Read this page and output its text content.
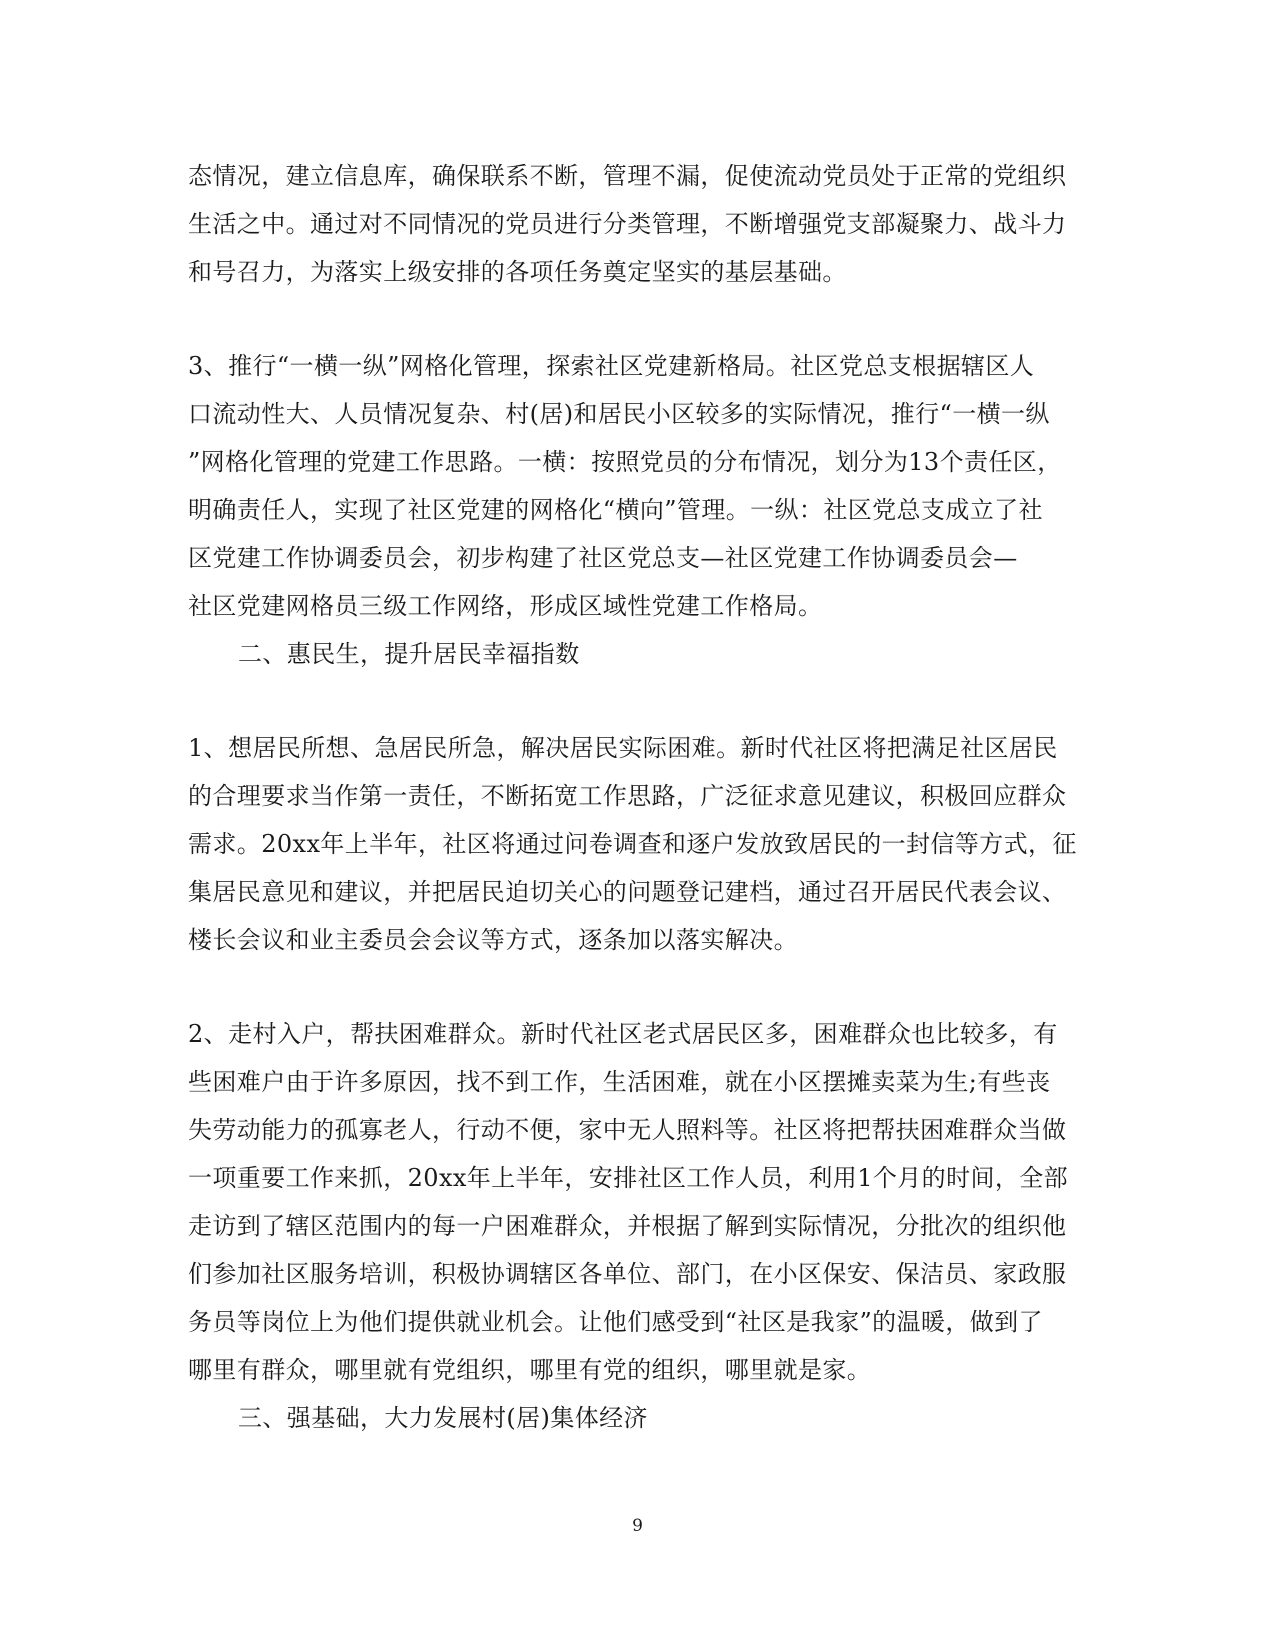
态情况，建立信息库，确保联系不断，管理不漏，促使流动党员处于正常的党组织
生活之中。通过对不同情况的党员进行分类管理，不断增强党支部凝聚力、战斗力
和号召力，为落实上级安排的各项任务奠定坚实的基层基础。
3、推行“一横一纵”网格化管理，探索社区党建新格局。社区党总支根据辖区人
口流动性大、人员情况复杂、村(居)和居民小区较多的实际情况，推行“一横一纵
”网格化管理的党建工作思路。一横：按照党员的分布情况，划分为13个责任区，
明确责任人，实现了社区党建的网格化“横向”管理。一纵：社区党总支成立了社
区党建工作协调委员会，初步构建了社区党总支—社区党建工作协调委员会—
社区党建网格员三级工作网络，形成区域性党建工作格局。
二、惠民生，提升居民幸福指数
1、想居民所想、急居民所急，解决居民实际困难。新时代社区将把满足社区居民
的合理要求当作第一责任，不断拓宽工作思路，广泛征求意见建议，积极回应群众
需求。20xx年上半年，社区将通过问卷调查和逐户发放致居民的一封信等方式，征
集居民意见和建议，并把居民迫切关心的问题登记建档，通过召开居民代表会议、
楼长会议和业主委员会会议等方式，逐条加以落实解决。
2、走村入户，帮扶困难群众。新时代社区老式居民区多，困难群众也比较多，有
些困难户由于许多原因，找不到工作，生活困难，就在小区摆摊卖菜为生;有些丧
失劳动能力的孤寡老人，行动不便，家中无人照料等。社区将把帮扶困难群众当做
一项重要工作来抓，20xx年上半年，安排社区工作人员，利用1个月的时间，全部
走访到了辖区范围内的每一户困难群众，并根据了解到实际情况，分批次的组织他
们参加社区服务培训，积极协调辖区各单位、部门，在小区保安、保洁员、家政服
务员等岗位上为他们提供就业机会。让他们感受到“社区是我家”的温暖，做到了
哪里有群众，哪里就有党组织，哪里有党的组织，哪里就是家。
三、强基础，大力发展村(居)集体经济
9
